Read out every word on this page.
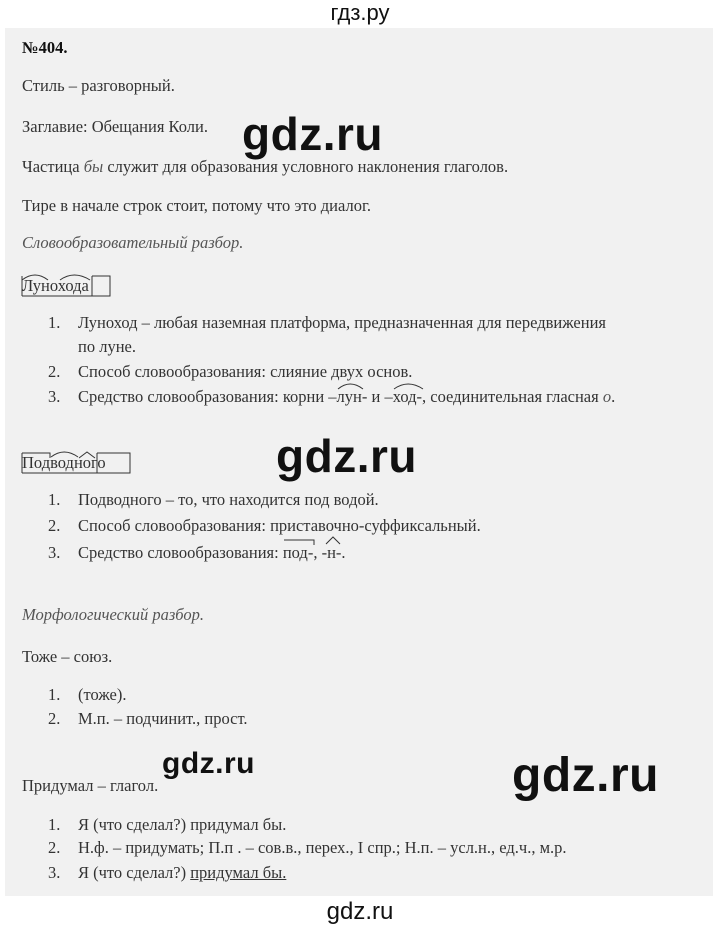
гдз.ру
№404.
Стиль – разговорный.
Заглавие: Обещания Коли.
Частица бы служит для образования условного наклонения глаголов.
Тире в начале строк стоит, потому что это диалог.
Словообразовательный разбор.
Лунохода
1. Луноход – любая наземная платформа, предназначенная для передвижения
по луне.
2. Способ словообразования: слияние двух основ.
3. Средство словообразования: корни –лун
- и –ход
-, соединительная гласная о.
Подводного
1. Подводного – то, что находится под водой.
2. Способ словообразования: приставочно-суффиксальный.
3. Средство словообразования: под-
, -н-
.
Морфологический разбор.
Тоже – союз.
1. (тоже).
2. М.п. – подчинит., прост.
Придумал – глагол.
1. Я (что сделал?) придумал бы.
2. Н.ф. – придумать; П.п . – сов.в., перех., I спр.; Н.п. – усл.н., ед.ч., м.р.
3. Я (что сделал?) придумал бы.
gdz.ru
gdz.ru
gdz.ru	gdz.ru
gdz.ru
